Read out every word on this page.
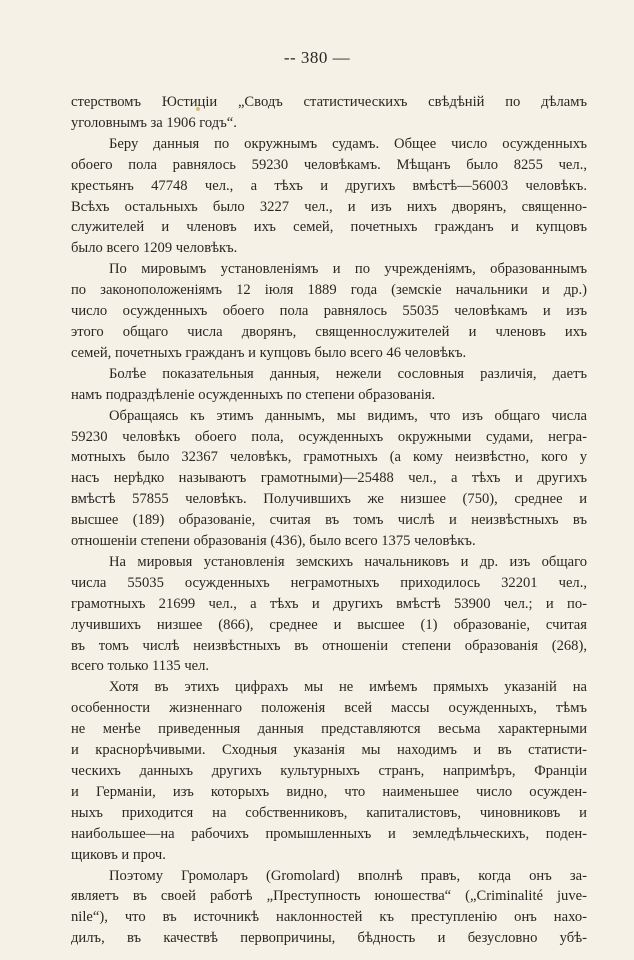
-- 380 —
стерствомъ Юстиціи „Сводъ статистическихъ свѣдѣній по дѣламъ
уголовнымъ за 1906 годъ“.
Беру данныя по окружнымъ судамъ. Общее число осужденныхъ
обоего пола равнялось 59230 человѣкамъ. Мѣщанъ было 8255 чел.,
крестьянъ 47748 чел., а тѣхъ и другихъ вмѣстѣ—56003 человѣкъ.
Всѣхъ остальныхъ было 3227 чел., и изъ нихъ дворянъ, священно-
служителей и членовъ ихъ семей, почетныхъ гражданъ и купцовъ
было всего 1209 человѣкъ.
По мировымъ установленіямъ и по учрежденіямъ, образованнымъ
по законоположеніямъ 12 іюля 1889 года (земскіе начальники и др.)
число осужденныхъ обоего пола равнялось 55035 человѣкамъ и изъ
этого общаго числа дворянъ, священнослужителей и членовъ ихъ
семей, почетныхъ гражданъ и купцовъ было всего 46 человѣкъ.
Болѣе показательныя данныя, нежели сословныя различія, даетъ
намъ подраздѣленіе осужденныхъ по степени образованія.
Обращаясь къ этимъ даннымъ, мы видимъ, что изъ общаго числа
59230 человѣкъ обоего пола, осужденныхъ окружными судами, негра-
мотныхъ было 32367 человѣкъ, грамотныхъ (а кому неизвѣстно, кого у
насъ нерѣдко называютъ грамотными)—25488 чел., а тѣхъ и другихъ
вмѣстѣ 57855 человѣкъ. Получившихъ же низшее (750), среднее и
высшее (189) образованіе, считая въ томъ числѣ и неизвѣстныхъ въ
отношеніи степени образованія (436), было всего 1375 человѣкъ.
На мировыя установленія земскихъ начальниковъ и др. изъ общаго
числа 55035 осужденныхъ неграмотныхъ приходилось 32201 чел.,
грамотныхъ 21699 чел., а тѣхъ и другихъ вмѣстѣ 53900 чел.; и по-
лучившихъ низшее (866), среднее и высшее (1) образованіе, считая
въ томъ числѣ неизвѣстныхъ въ отношеніи степени образованія (268),
всего только 1135 чел.
Хотя въ этихъ цифрахъ мы не имѣемъ прямыхъ указаній на
особенности жизненнаго положенія всей массы осужденныхъ, тѣмъ
не менѣе приведенныя данныя представляются весьма характерными
и краснорѣчивыми. Сходныя указанія мы находимъ и въ статисти-
ческихъ данныхъ другихъ культурныхъ странъ, напримѣръ, Франціи
и Германіи, изъ которыхъ видно, что наименьшее число осужден-
ныхъ приходится на собственниковъ, капиталистовъ, чиновниковъ и
наибольшее—на рабочихъ промышленныхъ и земледѣльческихъ, поден-
щиковъ и проч.
Поэтому Громоларъ (Gromolard) вполнѣ правъ, когда онъ за-
являетъ въ своей работѣ „Преступность юношества“ („Criminalité juve-
nile“), что въ источникѣ наклонностей къ преступленію онъ нахо-
дилъ, въ качествѣ первопричины, бѣдность и безусловно убѣ-
